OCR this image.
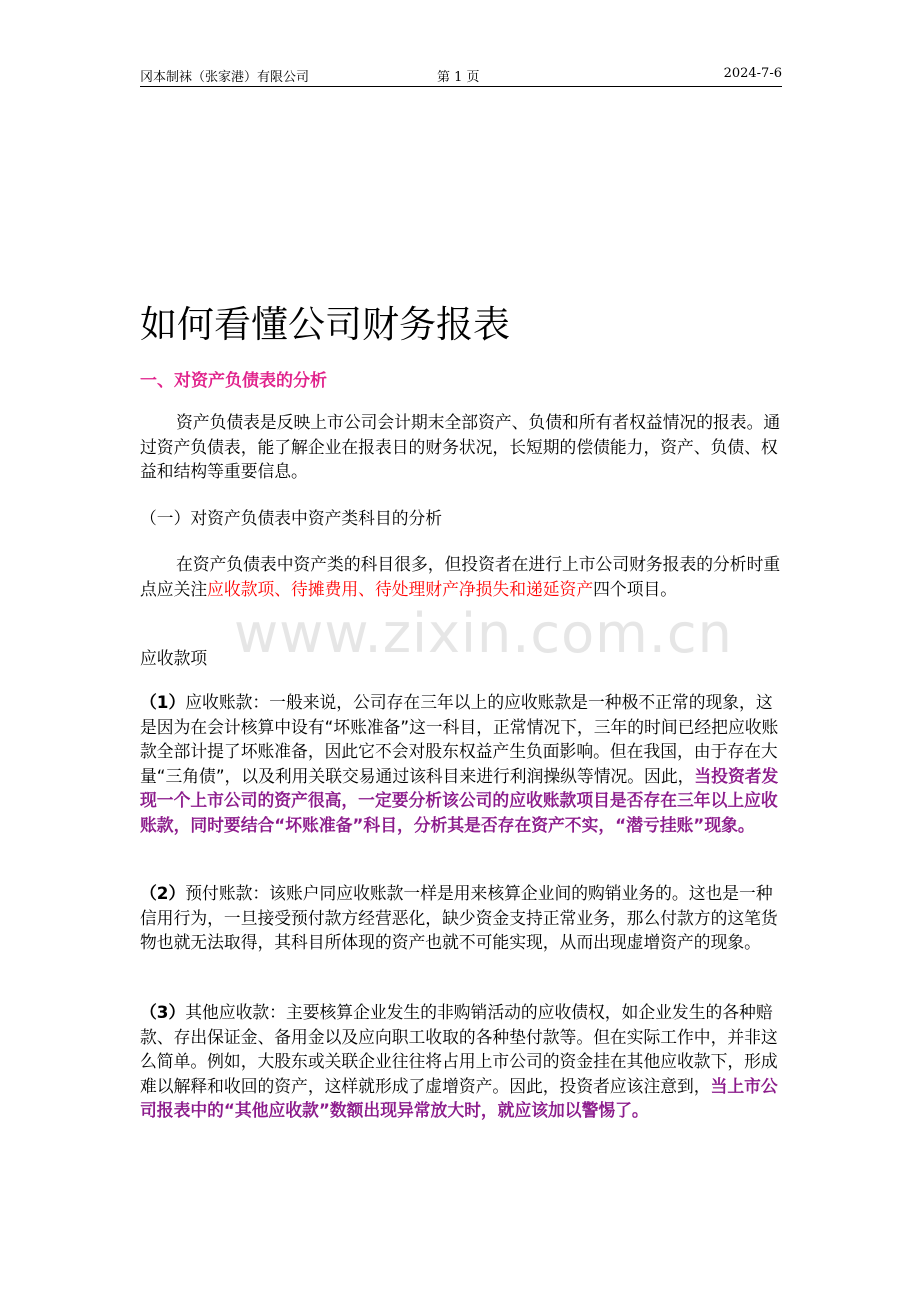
冈本制袜（张家港）有限公司	第 1 页	2024-7-6
如何看懂公司财务报表
一、对资产负债表的分析

资产负债表是反映上市公司会计期末全部资产、负债和所有者权益情况的报表。通过资产负债表，能了解企业在报表日的财务状况，长短期的偿债能力，资产、负债、权益和结构等重要信息。

（一）对资产负债表中资产类科目的分析

在资产负债表中资产类的科目很多，但投资者在进行上市公司财务报表的分析时重点应关注应收款项、待摊费用、待处理财产净损失和递延资产四个项目。

www.zixin.com.cn

应收款项

（1）应收账款：一般来说，公司存在三年以上的应收账款是一种极不正常的现象，这是因为在会计核算中设有“坏账准备”这一科目，正常情况下，三年的时间已经把应收账款全部计提了坏账准备，因此它不会对股东权益产生负面影响。但在我国，由于存在大量“三角债”，以及利用关联交易通过该科目来进行利润操纵等情况。因此，当投资者发现一个上市公司的资产很高，一定要分析该公司的应收账款项目是否存在三年以上应收账款，同时要结合“坏账准备”科目，分析其是否存在资产不实，“潜亏挂账”现象。

（2）预付账款：该账户同应收账款一样是用来核算企业间的购销业务的。这也是一种信用行为，一旦接受预付款方经营恶化，缺少资金支持正常业务，那么付款方的这笔货物也就无法取得，其科目所体现的资产也就不可能实现，从而出现虚增资产的现象。

（3）其他应收款：主要核算企业发生的非购销活动的应收债权，如企业发生的各种赔款、存出保证金、备用金以及应向职工收取的各种垫付款等。但在实际工作中，并非这么简单。例如，大股东或关联企业往往将占用上市公司的资金挂在其他应收款下，形成难以解释和收回的资产，这样就形成了虚增资产。因此，投资者应该注意到，当上市公司报表中的“其他应收款”数额出现异常放大时，就应该加以警惕了。
